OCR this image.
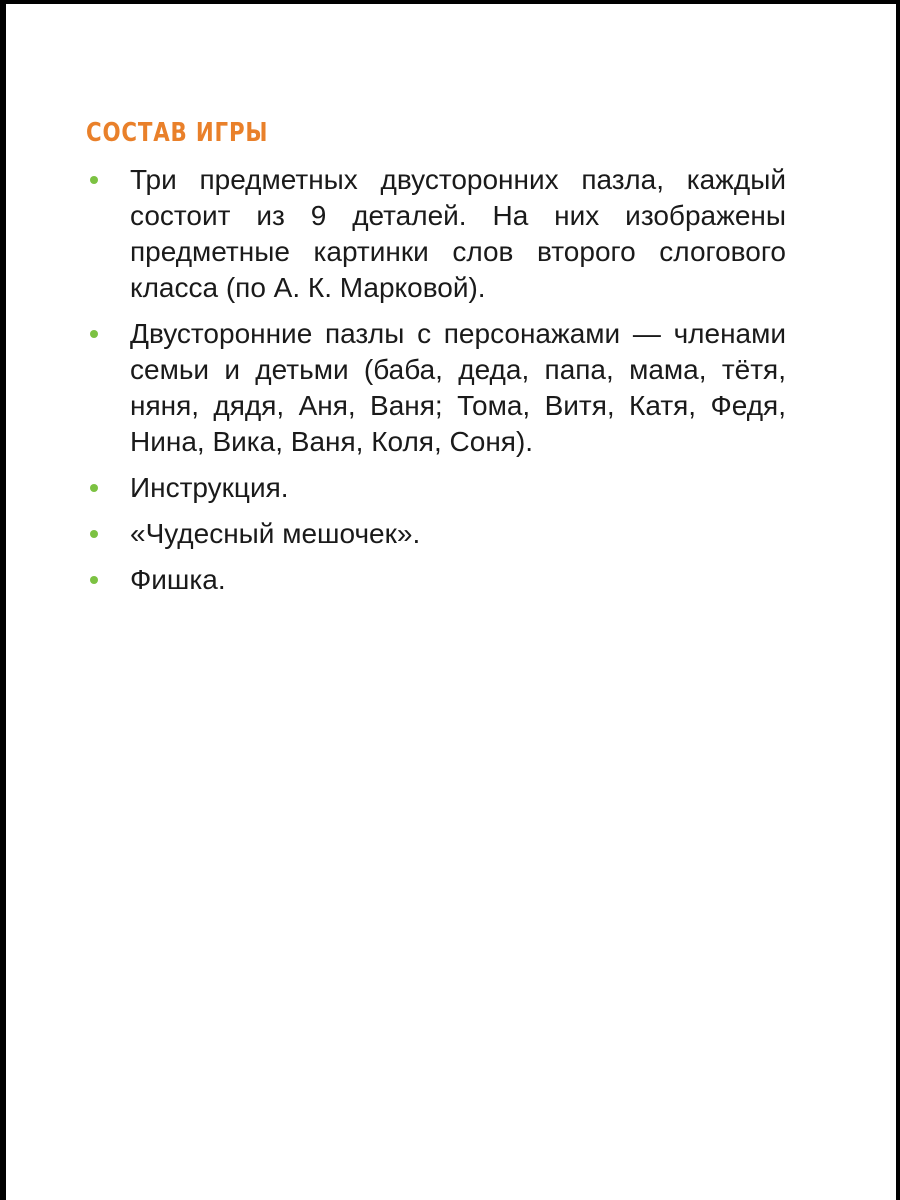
СОСТАВ ИГРЫ
Три предметных двусторонних пазла, каждый состоит из 9 деталей. На них изображены предметные картинки слов второго слогового класса (по А. К. Марковой).
Двусторонние пазлы с персонажами — членами семьи и детьми (баба, деда, папа, мама, тётя, няня, дядя, Аня, Ваня; Тома, Витя, Катя, Федя, Нина, Вика, Ваня, Коля, Соня).
Инструкция.
«Чудесный мешочек».
Фишка.
